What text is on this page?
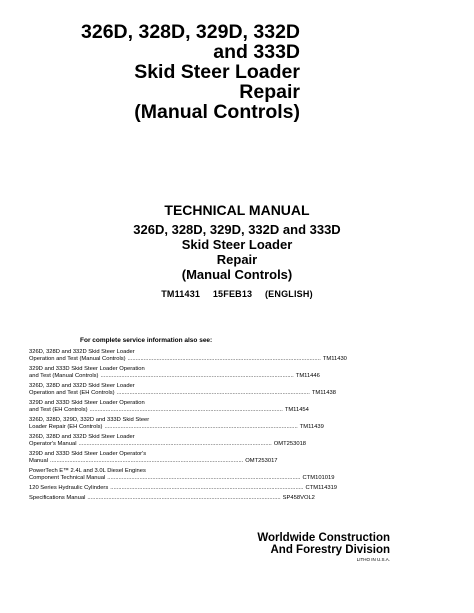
326D, 328D, 329D, 332D
and 333D
Skid Steer Loader
Repair
(Manual Controls)
TECHNICAL MANUAL
326D, 328D, 329D, 332D and 333D
Skid Steer Loader
Repair
(Manual Controls)
TM11431 15FEB13 (ENGLISH)
For complete service information also see:
326D, 328D and 332D Skid Steer Loader
Operation and Test (Manual Controls) ........................................................................................................................ TM11430
329D and 333D Skid Steer Loader Operation
and Test (Manual Controls) ........................................................................................................................ TM11446
326D, 328D and 332D Skid Steer Loader
Operation and Test (EH Controls) ........................................................................................................................ TM11438
329D and 333D Skid Steer Loader Operation
and Test (EH Controls) ........................................................................................................................ TM11454
326D, 328D, 329D, 332D and 333D Skid Steer
Loader Repair (EH Controls) ........................................................................................................................ TM11439
326D, 328D and 332D Skid Steer Loader
Operator's Manual ........................................................................................................................ OMT253018
329D and 333D Skid Steer Loader Operator's
Manual ........................................................................................................................ OMT253017
PowerTech E™ 2.4L and 3.0L Diesel Engines
Component Technical Manual ........................................................................................................................ CTM101019
120 Series Hydraulic Cylinders ........................................................................................................................ CTM114319
Specifications Manual ........................................................................................................................ SP458VOL2
Worldwide Construction
And Forestry Division
LITHO IN U.S.A.
